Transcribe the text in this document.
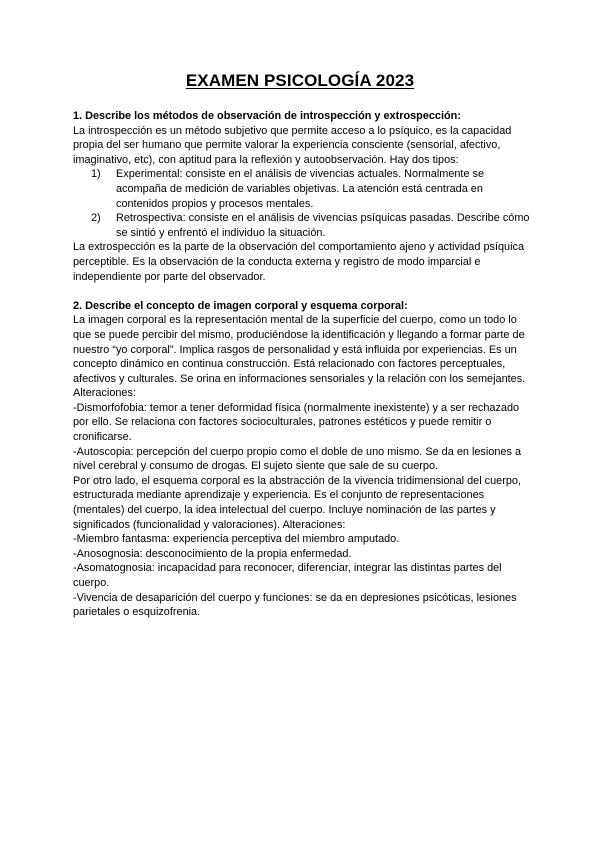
EXAMEN PSICOLOGÍA 2023

1. Describe los métodos de observación de introspección y extrospección:

La introspección es un método subjetivo que permite acceso a lo psíquico, es la capacidad propia del ser humano que permite valorar la experiencia consciente (sensorial, afectivo, imaginativo, etc), con aptitud para la reflexión y autoobservación. Hay dos tipos:

1) Experimental: consiste en el análisis de vivencias actuales. Normalmente se acompaña de medición de variables objetivas. La atención está centrada en contenidos propios y procesos mentales.
2) Retrospectiva: consiste en el análisis de vivencias psíquicas pasadas. Describe cómo se sintió y enfrentó el individuo la situación.

La extrospección es la parte de la observación del comportamiento ajeno y actividad psíquica perceptible. Es la observación de la conducta externa y registro de modo imparcial e independiente por parte del observador.

2. Describe el concepto de imagen corporal y esquema corporal:

La imagen corporal es la representación mental de la superficie del cuerpo, como un todo lo que se puede percibir del mismo, produciéndose la identificación y llegando a formar parte de nuestro “yo corporal”. Implica rasgos de personalidad y está influida por experiencias. Es un concepto dinámico en continua construcción. Está relacionado con factores perceptuales, afectivos y culturales. Se orina en informaciones sensoriales y la relación con los semejantes. Alteraciones:

-Dismorfofobia: temor a tener deformidad física (normalmente inexistente) y a ser rechazado por ello. Se relaciona con factores socioculturales, patrones estéticos y puede remitir o cronificarse.

-Autoscopia: percepción del cuerpo propio como el doble de uno mismo. Se da en lesiones a nivel cerebral y consumo de drogas. El sujeto siente que sale de su cuerpo.

Por otro lado, el esquema corporal es la abstracción de la vivencia tridimensional del cuerpo, estructurada mediante aprendizaje y experiencia. Es el conjunto de representaciones (mentales) del cuerpo, la idea intelectual del cuerpo. Incluye nominación de las partes y significados (funcionalidad y valoraciones). Alteraciones:

-Miembro fantasma: experiencia perceptiva del miembro amputado.

-Anosognosia: desconocimiento de la propia enfermedad.

-Asomatognosia: incapacidad para reconocer, diferenciar, integrar las distintas partes del cuerpo.

-Vivencia de desaparición del cuerpo y funciones: se da en depresiones psicóticas, lesiones parietales o esquizofrenia.
